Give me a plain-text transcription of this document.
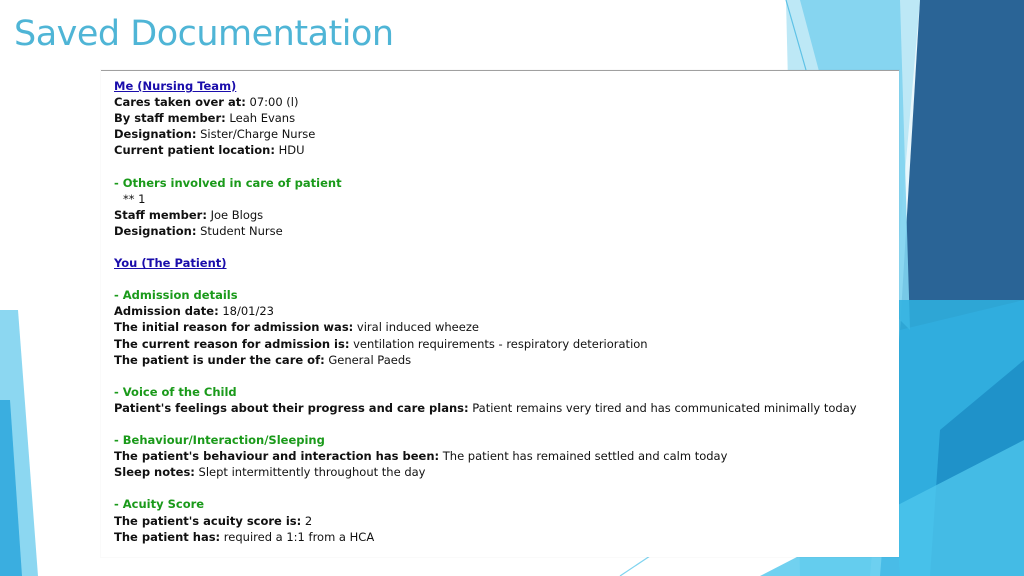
Saved Documentation
Me (Nursing Team)
Cares taken over at: 07:00 (l)
By staff member: Leah Evans
Designation: Sister/Charge Nurse
Current patient location: HDU
- Others involved in care of patient
** 1
Staff member: Joe Blogs
Designation: Student Nurse
You (The Patient)
- Admission details
Admission date: 18/01/23
The initial reason for admission was: viral induced wheeze
The current reason for admission is: ventilation requirements - respiratory deterioration
The patient is under the care of: General Paeds
- Voice of the Child
Patient's feelings about their progress and care plans: Patient remains very tired and has communicated minimally today
- Behaviour/Interaction/Sleeping
The patient's behaviour and interaction has been: The patient has remained settled and calm today
Sleep notes: Slept intermittently throughout the day
- Acuity Score
The patient's acuity score is: 2
The patient has: required a 1:1 from a HCA
